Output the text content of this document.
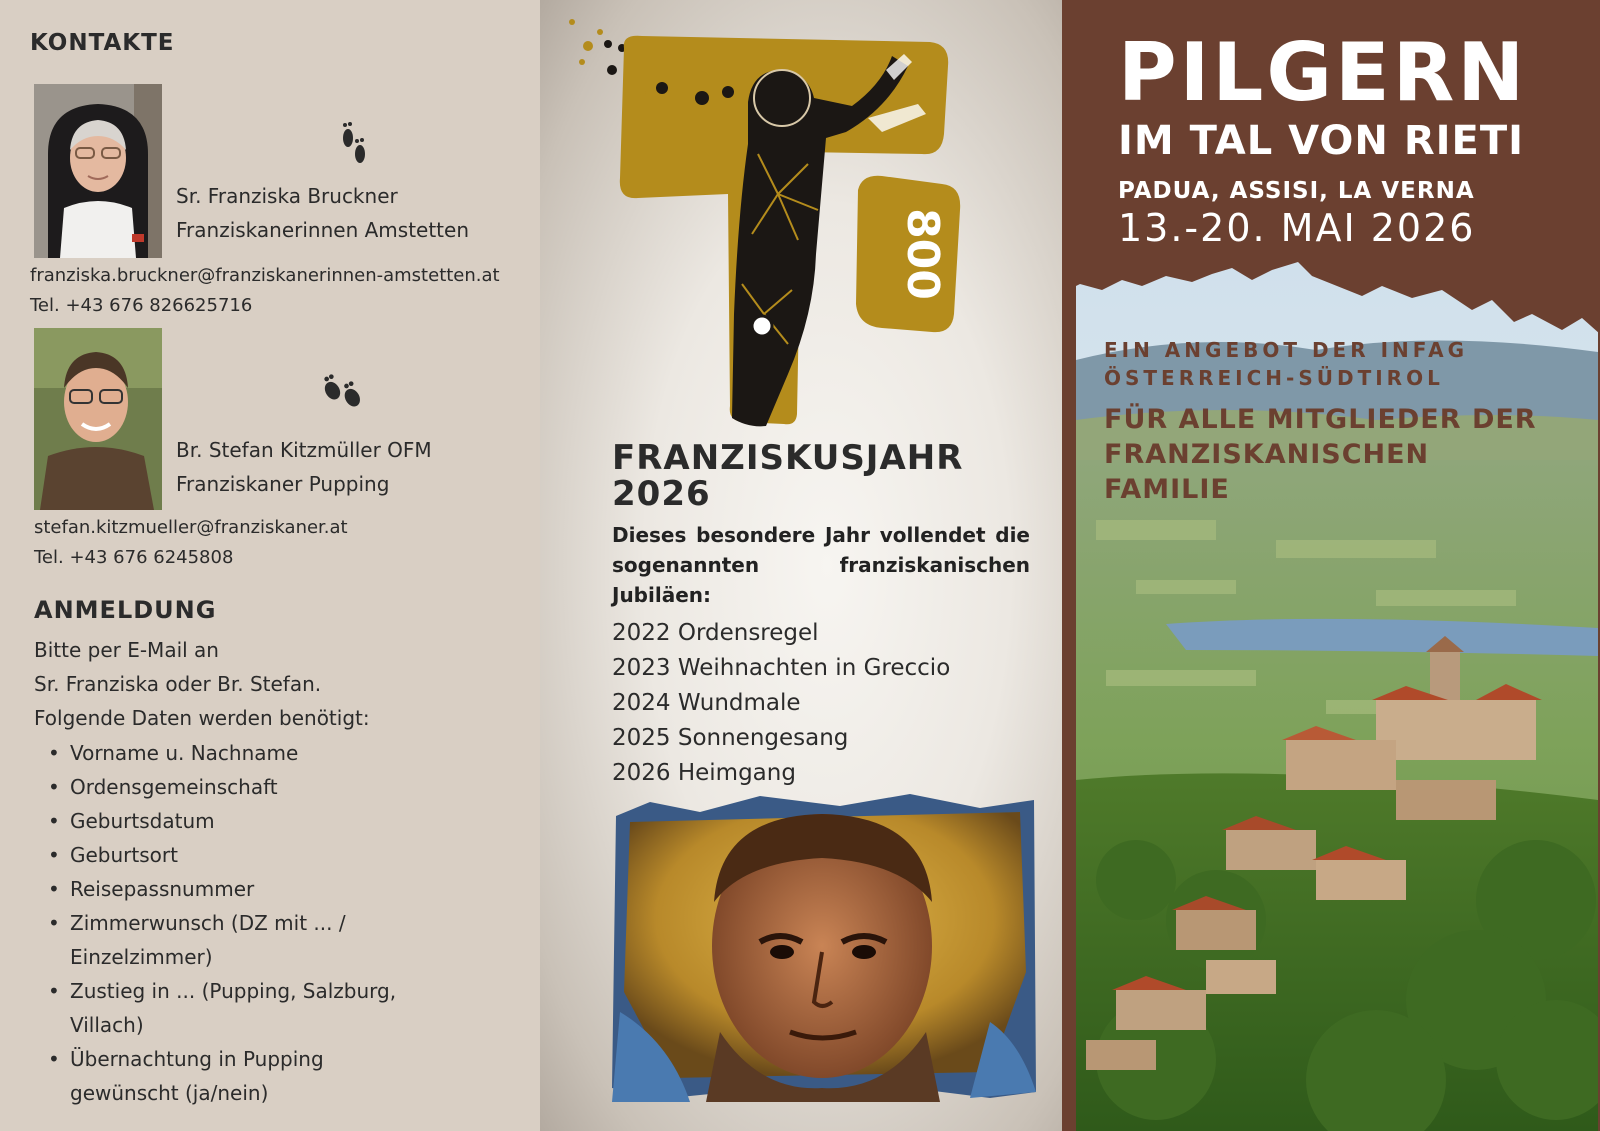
KONTAKTE
Sr. Franziska Bruckner
Franziskanerinnen Amstetten
franziska.bruckner@franziskanerinnen-amstetten.at
Tel. +43 676 826625716
Br. Stefan Kitzmüller OFM
Franziskaner Pupping
stefan.kitzmueller@franziskaner.at
Tel. +43 676 6245808
ANMELDUNG
Bitte per E-Mail an
Sr. Franziska oder Br. Stefan.
Folgende Daten werden benötigt:
• Vorname u. Nachname
• Ordensgemeinschaft
• Geburtsdatum
• Geburtsort
• Reisepassnummer
• Zimmerwunsch (DZ mit ... / Einzelzimmer)
• Zustieg in ... (Pupping, Salzburg, Villach)
• Übernachtung in Pupping gewünscht (ja/nein)
800
FRANZISKUSJAHR
2026
Dieses besondere Jahr vollendet die sogenannten franziskanischen Jubiläen:
2022 Ordensregel
2023 Weihnachten in Greccio
2024 Wundmale
2025 Sonnengesang
2026 Heimgang
PILGERN
IM TAL VON RIETI
PADUA, ASSISI, LA VERNA
13.-20. MAI 2026
EIN ANGEBOT DER INFAG
ÖSTERREICH-SÜDTIROL
FÜR ALLE MITGLIEDER DER
FRANZISKANISCHEN
FAMILIE
